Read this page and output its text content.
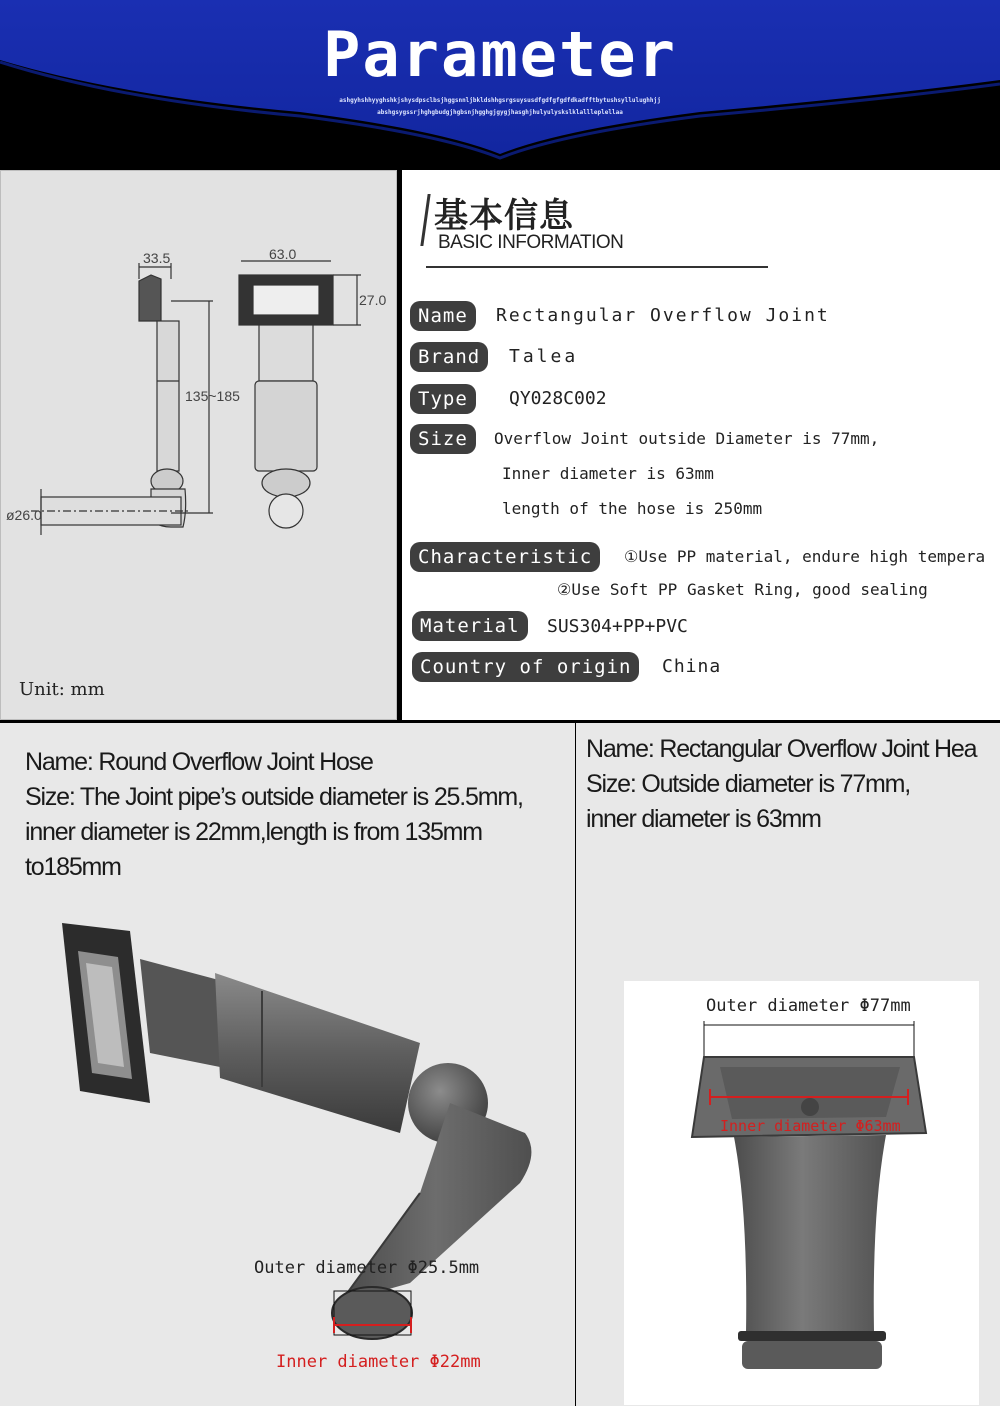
Parameter
ashgyhshhyyghshkjshysdpsclbsjhggsnnljbkldshhgsrgsuysusdfgdfgfgdfdkadfftbytushsyllulughhjj
abshgsygssrjhghgbudgjhgbsnjhgghgjgygjhasghjhulyulyskslklallleplellaa
33.5	63.0
27.0
135~185
ø26.0
Unit: mm
基本信息
BASIC INFORMATION
Name	Rectangular Overflow Joint
Brand	Talea
Type	QY028C002
Size	Overflow Joint outside Diameter is 77mm,
Inner diameter is 63mm
length of the hose is 250mm
Characteristic	①Use PP material, endure high tempera
②Use Soft PP Gasket Ring, good sealing
Material	SUS304+PP+PVC
Country of origin	China
Name: Round Overflow Joint Hose
Size: The Joint pipe’s outside diameter is 25.5mm,
inner diameter is 22mm,length is from 135mm
to185mm
Outer diameter Φ25.5mm
Inner diameter Φ22mm
Name: Rectangular Overflow Joint Hea
Size: Outside diameter is 77mm,
inner diameter is 63mm
Outer diameter Φ77mm
Inner diameter Φ63mm
